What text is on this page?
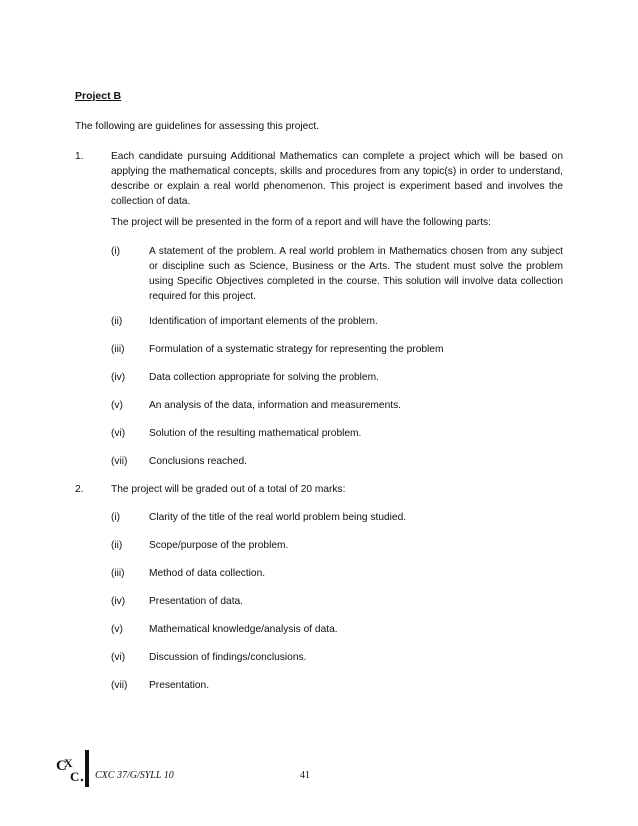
Project B
The following are guidelines for assessing this project.
1.	Each candidate pursuing Additional Mathematics can complete a project which will be based on applying the mathematical concepts, skills and procedures from any topic(s) in order to understand, describe or explain a real world phenomenon. This project is experiment based and involves the collection of data.
The project will be presented in the form of a report and will have the following parts:
(i)	A statement of the problem. A real world problem in Mathematics chosen from any subject or discipline such as Science, Business or the Arts. The student must solve the problem using Specific Objectives completed in the course. This solution will involve data collection required for this project.
(ii)	Identification of important elements of the problem.
(iii) Formulation of a systematic strategy for representing the problem
(iv) Data collection appropriate for solving the problem.
(v)	An analysis of the data, information and measurements.
(vi) Solution of the resulting mathematical problem.
(vii) Conclusions reached.
2.	The project will be graded out of a total of 20 marks:
(i)	Clarity of the title of the real world problem being studied.
(ii)	Scope/purpose of the problem.
(iii) Method of data collection.
(iv) Presentation of data.
(v)	Mathematical knowledge/analysis of data.
(vi) Discussion of findings/conclusions.
(vii) Presentation.
C
X
C CXC 37/G/SYLL 10	41
